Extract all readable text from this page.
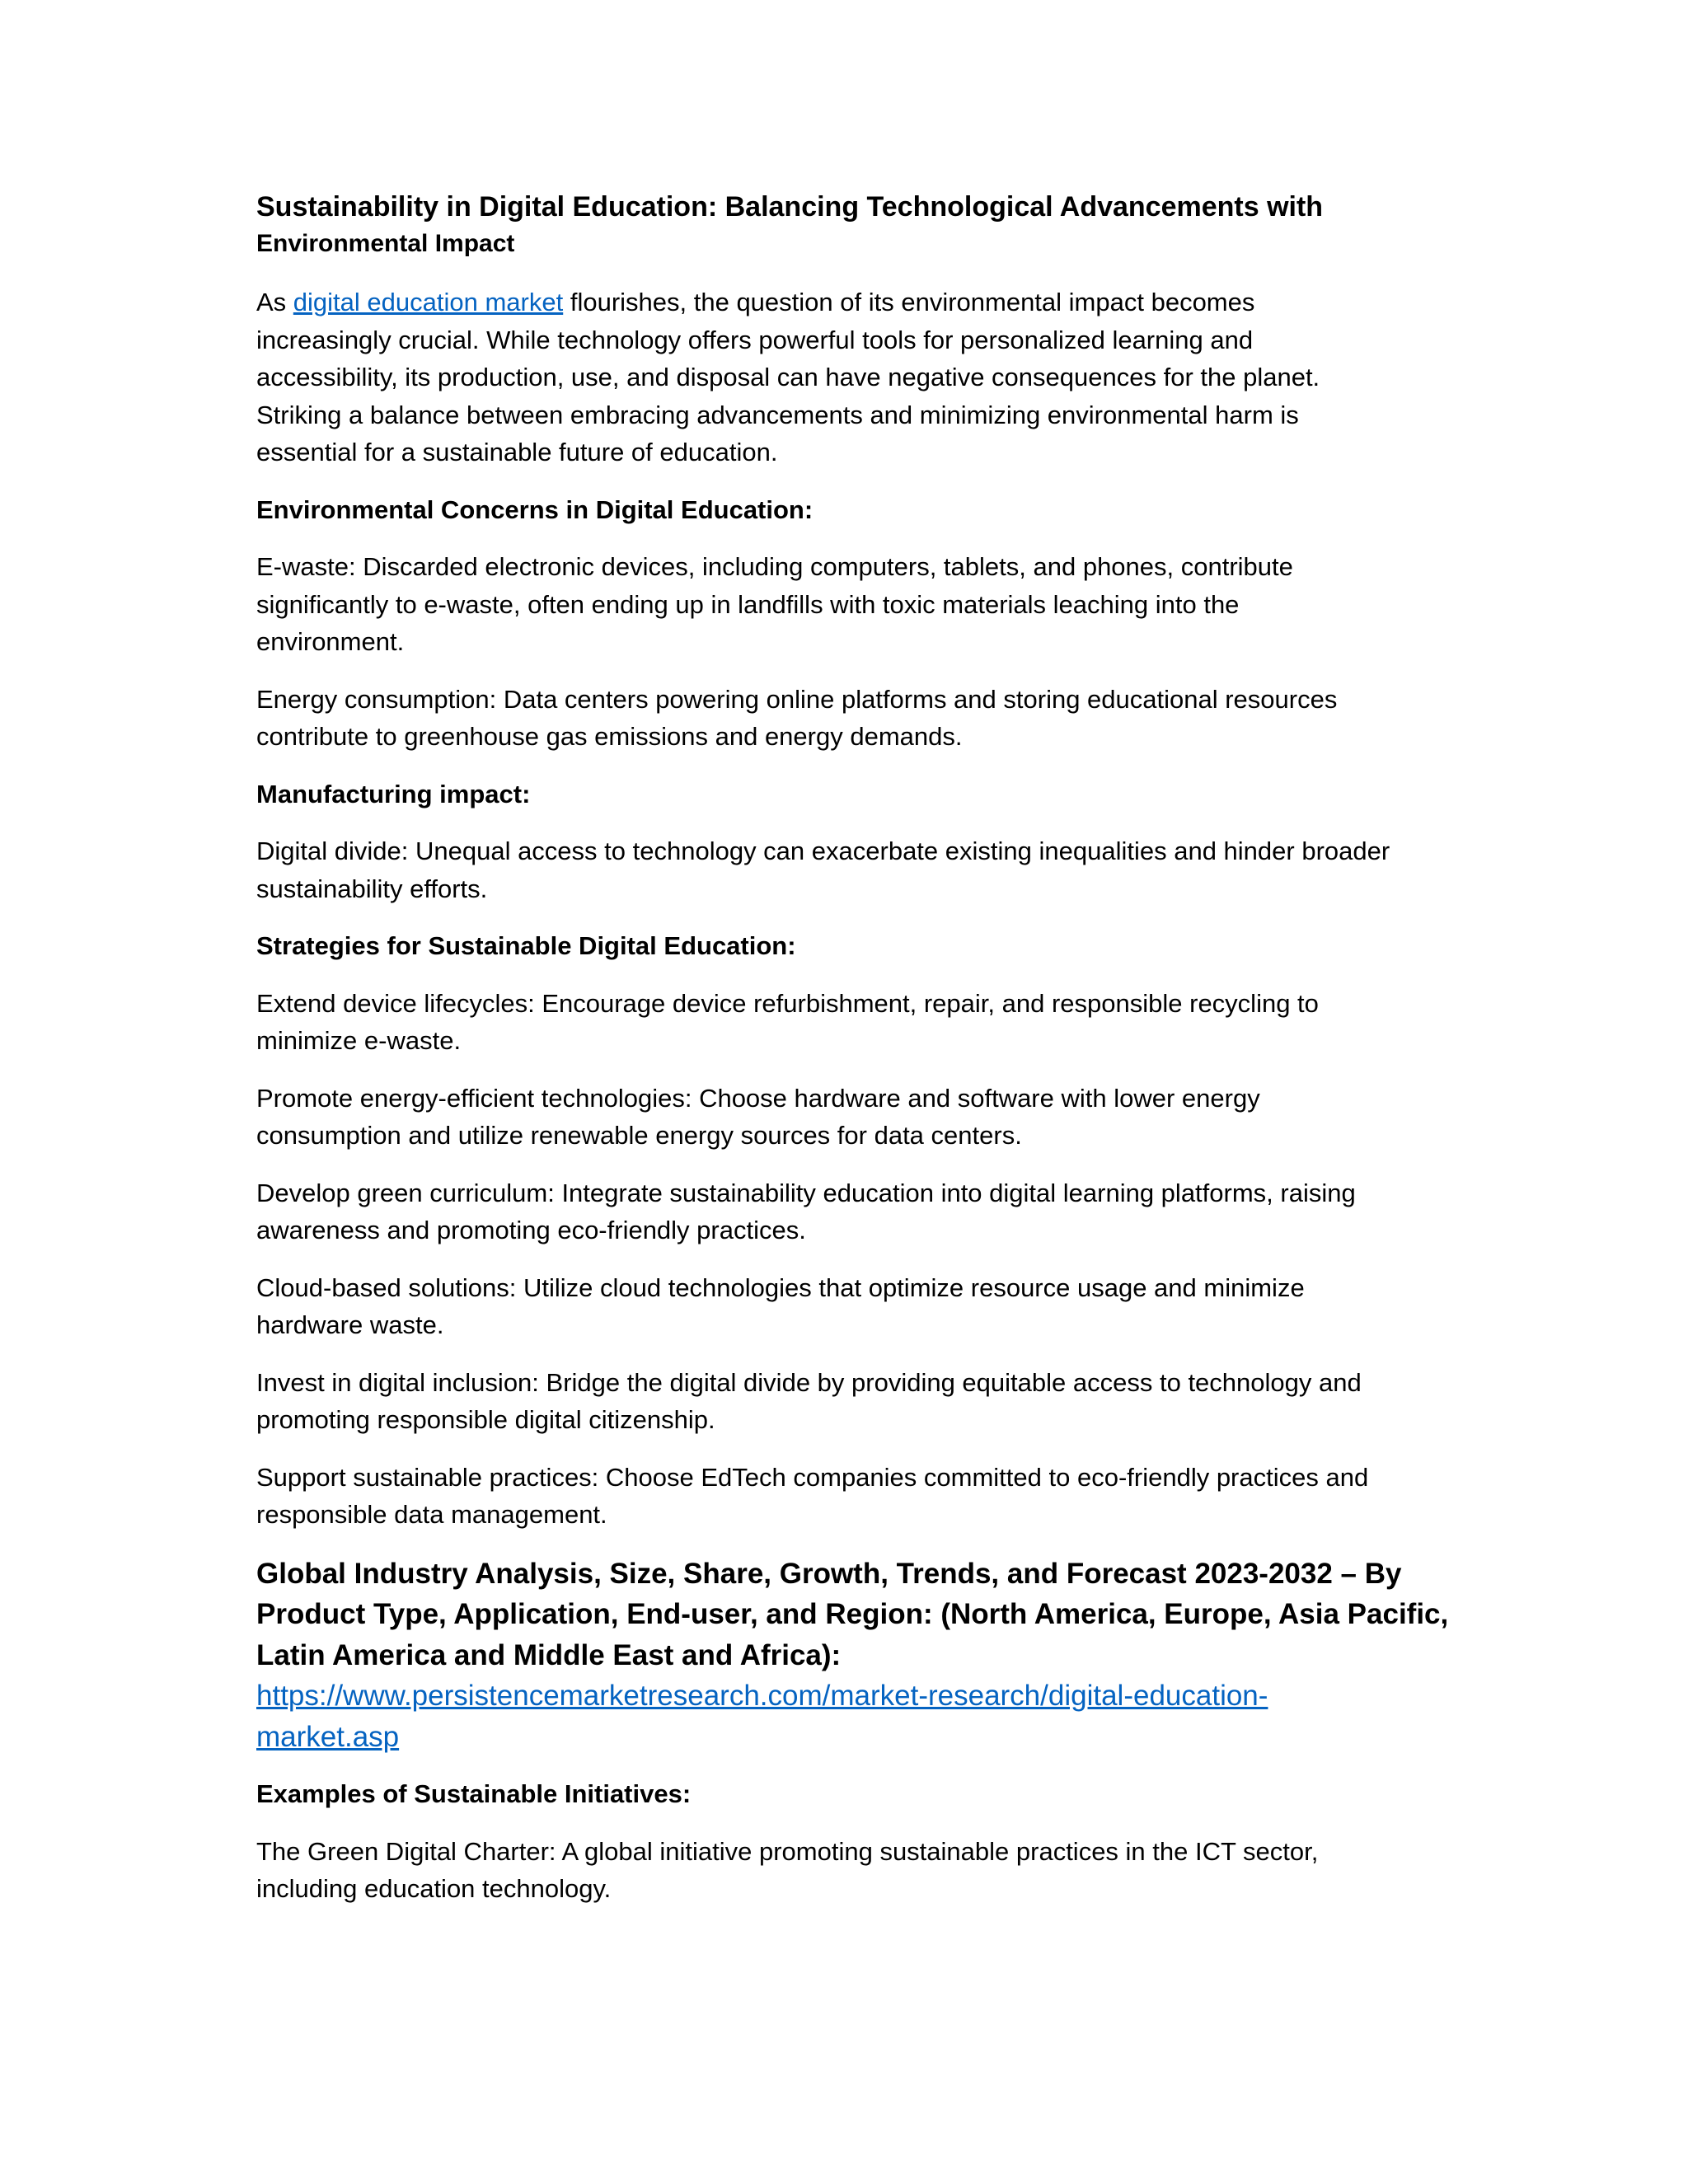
Sustainability in Digital Education: Balancing Technological Advancements with
Environmental Impact

As digital education market flourishes, the question of its environmental impact becomes
increasingly crucial. While technology offers powerful tools for personalized learning and
accessibility, its production, use, and disposal can have negative consequences for the planet.
Striking a balance between embracing advancements and minimizing environmental harm is
essential for a sustainable future of education.

Environmental Concerns in Digital Education:

E-waste: Discarded electronic devices, including computers, tablets, and phones, contribute
significantly to e-waste, often ending up in landfills with toxic materials leaching into the
environment.

Energy consumption: Data centers powering online platforms and storing educational resources
contribute to greenhouse gas emissions and energy demands.

Manufacturing impact:

Digital divide: Unequal access to technology can exacerbate existing inequalities and hinder broader
sustainability efforts.

Strategies for Sustainable Digital Education:

Extend device lifecycles: Encourage device refurbishment, repair, and responsible recycling to
minimize e-waste.

Promote energy-efficient technologies: Choose hardware and software with lower energy
consumption and utilize renewable energy sources for data centers.

Develop green curriculum: Integrate sustainability education into digital learning platforms, raising
awareness and promoting eco-friendly practices.

Cloud-based solutions: Utilize cloud technologies that optimize resource usage and minimize
hardware waste.

Invest in digital inclusion: Bridge the digital divide by providing equitable access to technology and
promoting responsible digital citizenship.

Support sustainable practices: Choose EdTech companies committed to eco-friendly practices and
responsible data management.

Global Industry Analysis, Size, Share, Growth, Trends, and Forecast 2023-2032 – By
Product Type, Application, End-user, and Region: (North America, Europe, Asia Pacific,
Latin America and Middle East and Africa):
https://www.persistencemarketresearch.com/market-research/digital-education-
market.asp
Examples of Sustainable Initiatives:

The Green Digital Charter: A global initiative promoting sustainable practices in the ICT sector,
including education technology.
